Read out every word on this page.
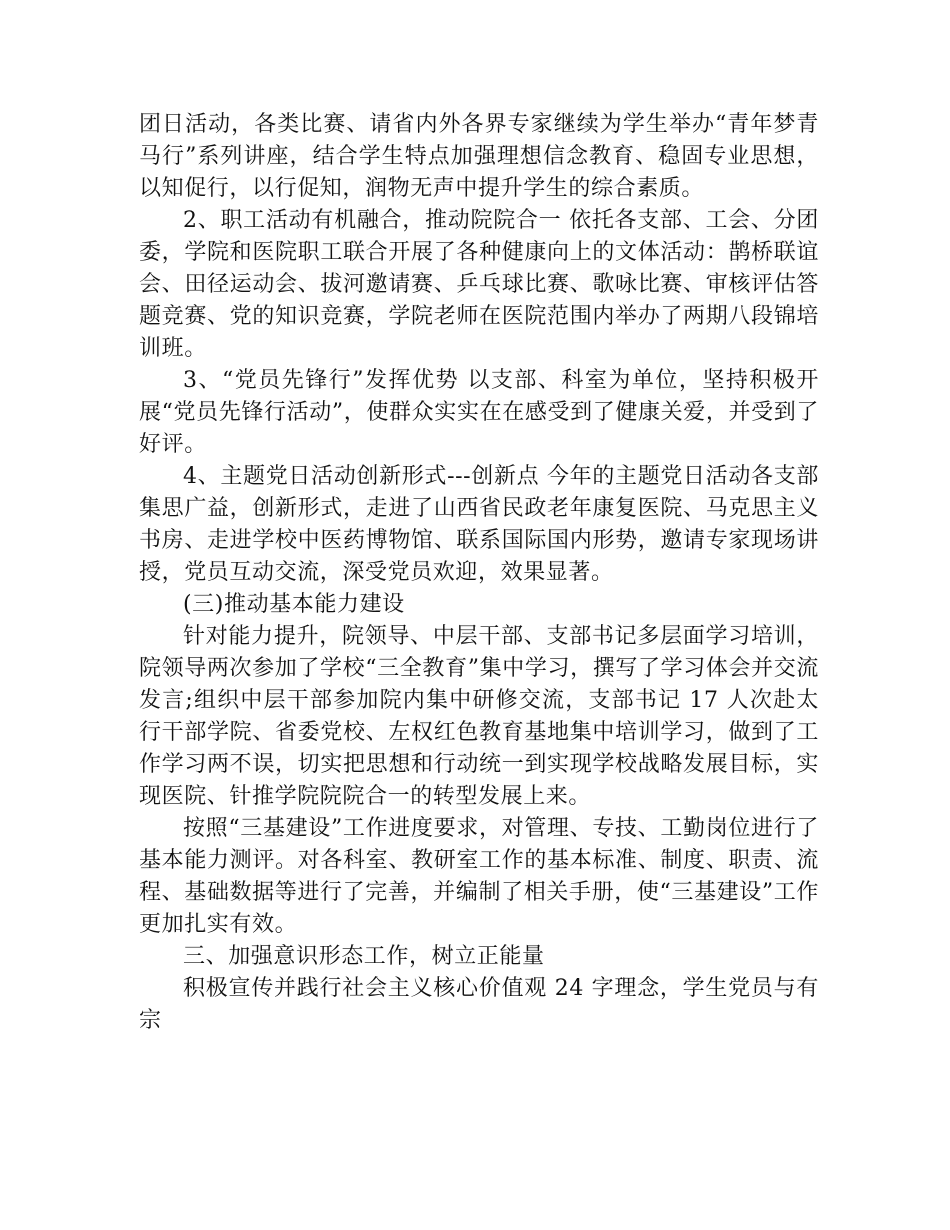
团日活动，各类比赛、请省内外各界专家继续为学生举办“青年梦青马行”系列讲座，结合学生特点加强理想信念教育、稳固专业思想，以知促行，以行促知，润物无声中提升学生的综合素质。

2、职工活动有机融合，推动院院合一 依托各支部、工会、分团委，学院和医院职工联合开展了各种健康向上的文体活动：鹊桥联谊会、田径运动会、拔河邀请赛、乒乓球比赛、歌咏比赛、审核评估答题竞赛、党的知识竞赛，学院老师在医院范围内举办了两期八段锦培训班。

3、“党员先锋行”发挥优势 以支部、科室为单位，坚持积极开展“党员先锋行活动”，使群众实实在在感受到了健康关爱，并受到了好评。

4、主题党日活动创新形式---创新点 今年的主题党日活动各支部集思广益，创新形式，走进了山西省民政老年康复医院、马克思主义书房、走进学校中医药博物馆、联系国际国内形势，邀请专家现场讲授，党员互动交流，深受党员欢迎，效果显著。

(三)推动基本能力建设

针对能力提升，院领导、中层干部、支部书记多层面学习培训，院领导两次参加了学校“三全教育”集中学习，撰写了学习体会并交流发言;组织中层干部参加院内集中研修交流，支部书记 17 人次赴太行干部学院、省委党校、左权红色教育基地集中培训学习，做到了工作学习两不误，切实把思想和行动统一到实现学校战略发展目标，实现医院、针推学院院院合一的转型发展上来。

按照“三基建设”工作进度要求，对管理、专技、工勤岗位进行了基本能力测评。对各科室、教研室工作的基本标准、制度、职责、流程、基础数据等进行了完善，并编制了相关手册，使“三基建设”工作更加扎实有效。

三、加强意识形态工作，树立正能量

积极宣传并践行社会主义核心价值观 24 字理念，学生党员与有宗
